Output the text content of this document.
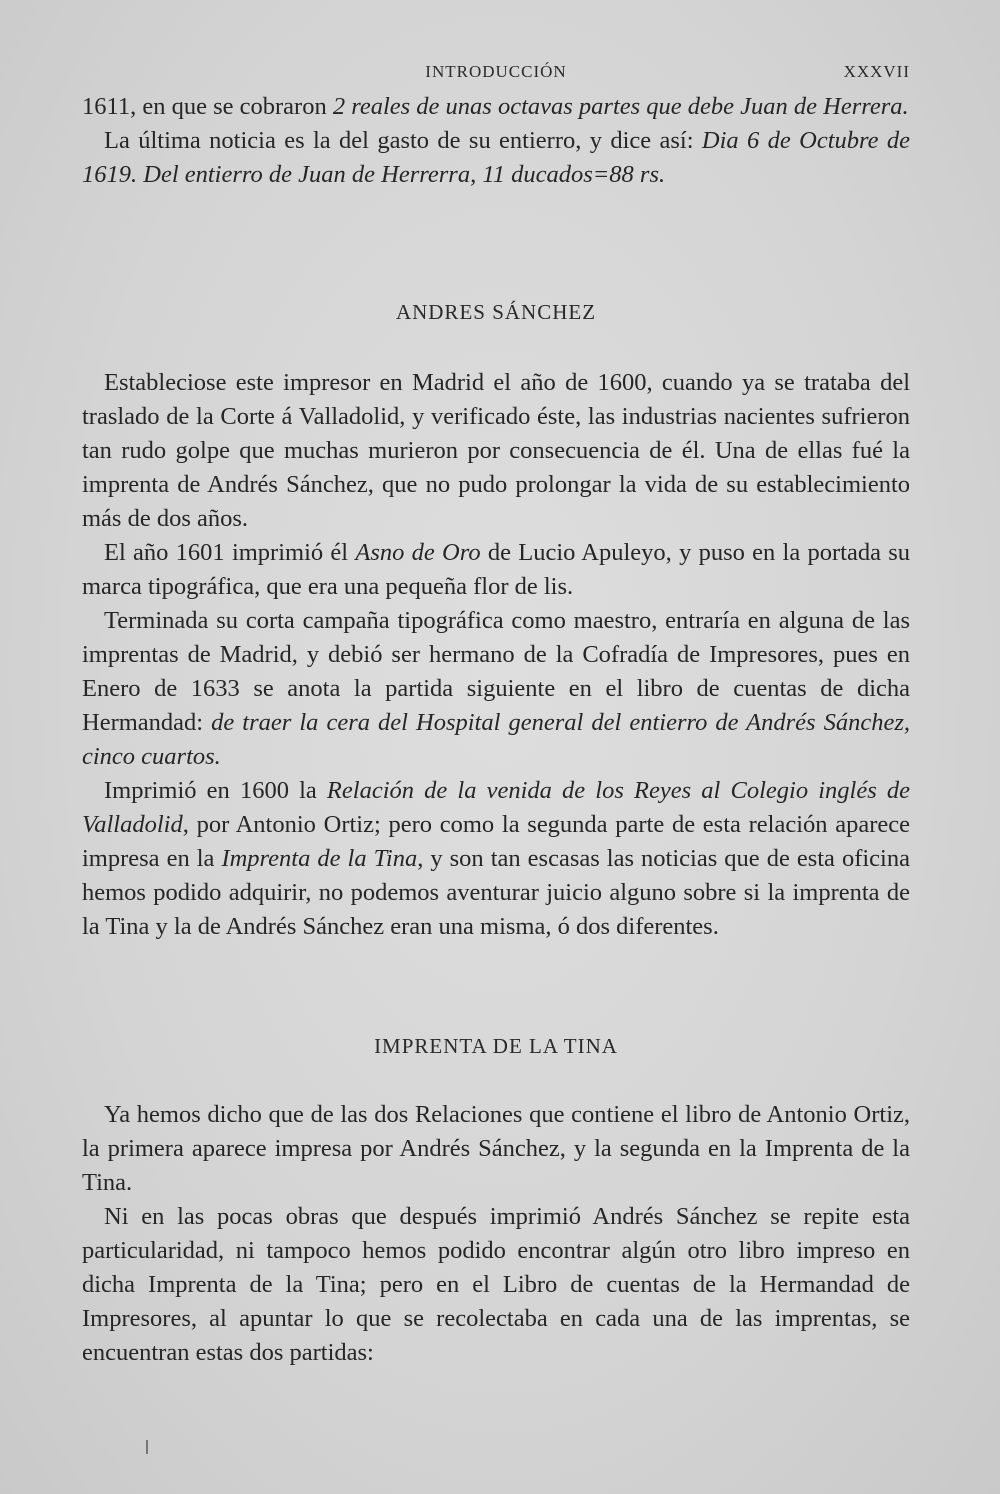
INTRODUCCIÓN	XXXVII

1611, en que se cobraron 2 reales de unas octavas partes que debe Juan de Herrera.

La última noticia es la del gasto de su entierro, y dice así: Dia 6 de Octubre de 1619. Del entierro de Juan de Herrerra, 11 ducados=88 rs.

ANDRES SÁNCHEZ

Estableciose este impresor en Madrid el año de 1600, cuando ya se trataba del traslado de la Corte á Valladolid, y verificado éste, las industrias nacientes sufrieron tan rudo golpe que muchas murieron por consecuencia de él. Una de ellas fué la imprenta de Andrés Sánchez, que no pudo prolongar la vida de su establecimiento más de dos años.

El año 1601 imprimió él Asno de Oro de Lucio Apuleyo, y puso en la portada su marca tipográfica, que era una pequeña flor de lis.

Terminada su corta campaña tipográfica como maestro, entraría en alguna de las imprentas de Madrid, y debió ser hermano de la Cofradía de Impresores, pues en Enero de 1633 se anota la partida siguiente en el libro de cuentas de dicha Hermandad: de traer la cera del Hospital general del entierro de Andrés Sánchez, cinco cuartos.

Imprimió en 1600 la Relación de la venida de los Reyes al Colegio inglés de Valladolid, por Antonio Ortiz; pero como la segunda parte de esta relación aparece impresa en la Imprenta de la Tina, y son tan escasas las noticias que de esta oficina hemos podido adquirir, no podemos aventurar juicio alguno sobre si la imprenta de la Tina y la de Andrés Sánchez eran una misma, ó dos diferentes.

IMPRENTA DE LA TINA

Ya hemos dicho que de las dos Relaciones que contiene el libro de Antonio Ortiz, la primera aparece impresa por Andrés Sánchez, y la segunda en la Imprenta de la Tina.

Ni en las pocas obras que después imprimió Andrés Sánchez se repite esta particularidad, ni tampoco hemos podido encontrar algún otro libro impreso en dicha Imprenta de la Tina; pero en el Libro de cuentas de la Hermandad de Impresores, al apuntar lo que se recolectaba en cada una de las imprentas, se encuentran estas dos partidas:
